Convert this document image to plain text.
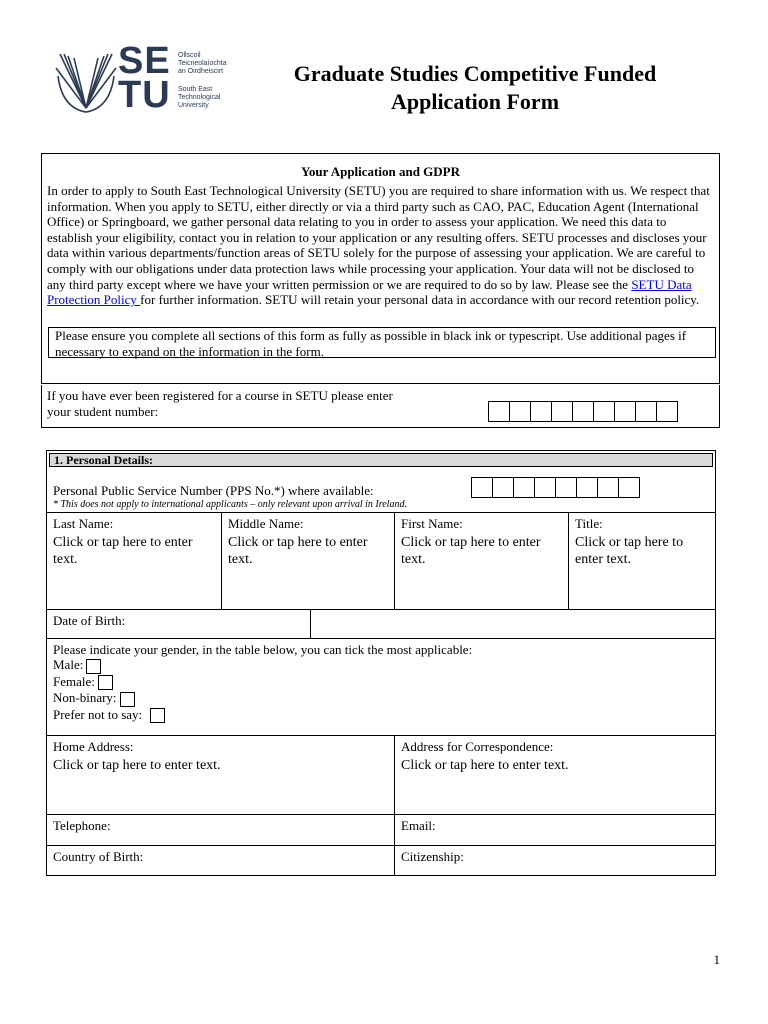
SE
TU
Ollscoil
Teicneolaíochta
an Oirdheiscirt
South East
Technological
University
Graduate Studies Competitive Funded
Application Form
Your Application and GDPR
In order to apply to South East Technological University (SETU) you are required to share information with us. We respect that information. When you apply to SETU, either directly or via a third party such as CAO, PAC, Education Agent (International Office) or Springboard, we gather personal data relating to you in order to assess your application. We need this data to establish your eligibility, contact you in relation to your application or any resulting offers. SETU processes and discloses your data within various departments/function areas of SETU solely for the purpose of assessing your application. We are careful to comply with our obligations under data protection laws while processing your application. Your data will not be disclosed to any third party except where we have your written permission or we are required to do so by law. Please see the SETU Data Protection Policy for further information. SETU will retain your personal data in accordance with our record retention policy.
Please ensure you complete all sections of this form as fully as possible in black ink or typescript. Use additional pages if necessary to expand on the information in the form.
If you have ever been registered for a course in SETU please enter your student number:
1. Personal Details:
Personal Public Service Number (PPS No.*) where available:
* This does not apply to international applicants – only relevant upon arrival in Ireland.
Last Name:
Click or tap here to enter text.
Middle Name:
Click or tap here to enter text.
First Name:
Click or tap here to enter text.
Title:
Click or tap here to enter text.
Date of Birth:
Please indicate your gender, in the table below, you can tick the most applicable:
Male:
Female:
Non-binary:
Prefer not to say:
Home Address:
Click or tap here to enter text.
Address for Correspondence:
Click or tap here to enter text.
Telephone:	Email:
Country of Birth:	Citizenship:
1
